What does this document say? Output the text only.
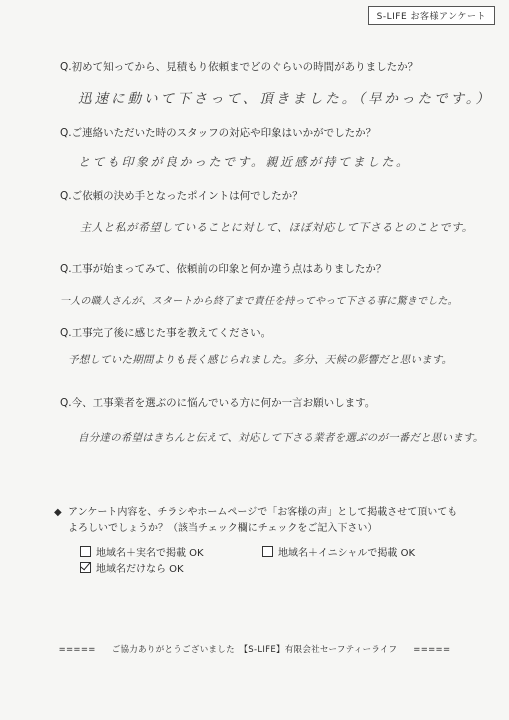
S-LIFE お客様アンケート
Q.初めて知ってから、見積もり依頼までどのぐらいの時間がありましたか？
迅速に動いて下さって、頂きました。（早かったです。）
Q.ご連絡いただいた時のスタッフの対応や印象はいかがでしたか？
とても印象が良かったです。親近感が持てました。
Q.ご依頼の決め手となったポイントは何でしたか？
主人と私が希望していることに対して、ほぼ対応して下さるとのことです。
Q.工事が始まってみて、依頼前の印象と何か違う点はありましたか？
一人の職人さんが、スタートから終了まで責任を持ってやって下さる事に驚きでした。
Q.工事完了後に感じた事を教えてください。
予想していた期間よりも長く感じられました。多分、天候の影響だと思います。
Q.今、工事業者を選ぶのに悩んでいる方に何か一言お願いします。
自分達の希望はきちんと伝えて、対応して下さる業者を選ぶのが一番だと思います。
◆ アンケート内容を、チラシやホームページで「お客様の声」として掲載させて頂いても
よろしいでしょうか？（該当チェック欄にチェックをご記入下さい）
地域名＋実名で掲載 OK	地域名＋イニシャルで掲載 OK
地域名だけなら OK
===== ご協力ありがとうございました　【S-LIFE】有限会社セーフティーライフ =====
